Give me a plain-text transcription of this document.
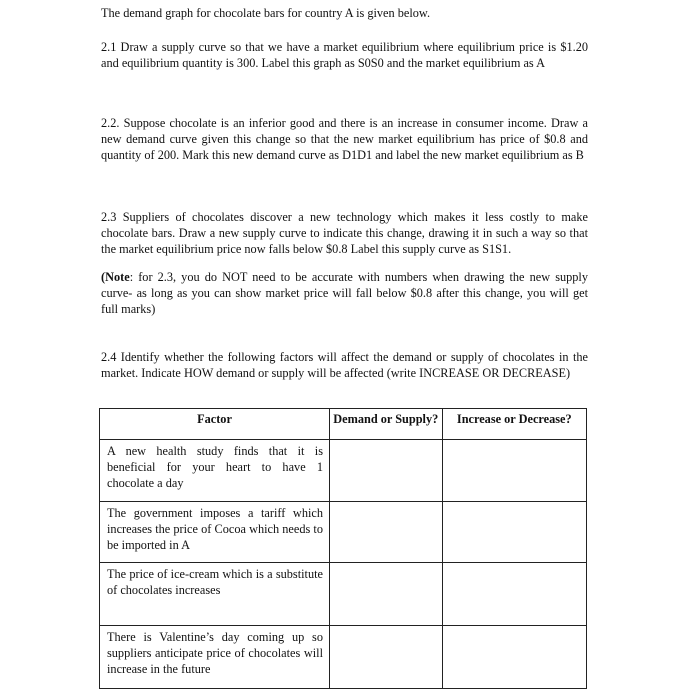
The demand graph for chocolate bars for country A is given below.

2.1 Draw a supply curve so that we have a market equilibrium where equilibrium price is $1.20 and equilibrium quantity is 300. Label this graph as S0S0 and the market equilibrium as A

2.2. Suppose chocolate is an inferior good and there is an increase in consumer income. Draw a new demand curve given this change so that the new market equilibrium has price of $0.8 and quantity of 200. Mark this new demand curve as D1D1 and label the new market equilibrium as B

2.3 Suppliers of chocolates discover a new technology which makes it less costly to make chocolate bars. Draw a new supply curve to indicate this change, drawing it in such a way so that the market equilibrium price now falls below $0.8 Label this supply curve as S1S1.

(Note: for 2.3, you do NOT need to be accurate with numbers when drawing the new supply curve- as long as you can show market price will fall below $0.8 after this change, you will get full marks)

2.4 Identify whether the following factors will affect the demand or supply of chocolates in the market. Indicate HOW demand or supply will be affected (write INCREASE OR DECREASE)

Factor	Demand or Supply?	Increase or Decrease?
A new health study finds that it is beneficial for your heart to have 1 chocolate a day		
The government imposes a tariff which increases the price of Cocoa which needs to be imported in A		
The price of ice-cream which is a substitute of chocolates increases		
There is Valentine’s day coming up so suppliers anticipate price of chocolates will increase in the future		
